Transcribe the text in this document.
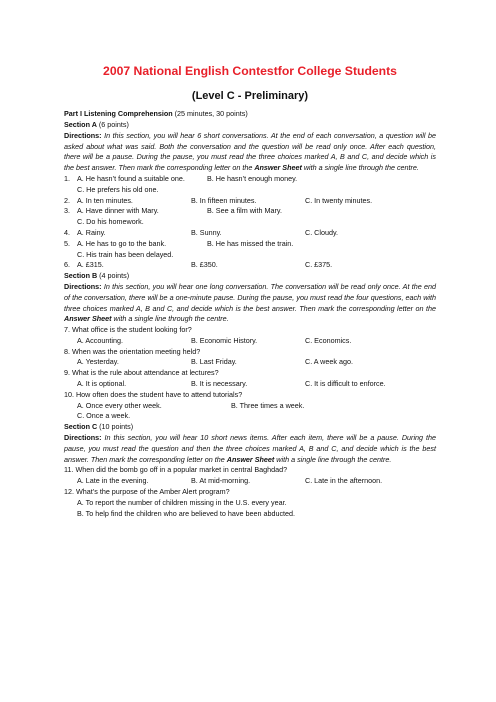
2007 National English Contestfor College Students

(Level C - Preliminary)

Part I Listening Comprehension (25 minutes, 30 points)

Section A (6 points)

Directions: In this section, you will hear 6 short conversations. At the end of each conversation, a question will be asked about what was said. Both the conversation and the question will be read only once. After each question, there will be a pause. During the pause, you must read the three choices marked A, B and C, and decide which is the best answer. Then mark the corresponding letter on the Answer Sheet with a single line through the centre.

1. A. He hasn’t found a suitable one.	B. He hasn’t enough money.
C. He prefers his old one.
2. A. In ten minutes.	B. In fifteen minutes.	C. In twenty minutes.
3. A. Have dinner with Mary.	B. See a film with Mary.
C. Do his homework.
4. A. Rainy.	B. Sunny.	C. Cloudy.
5. A. He has to go to the bank.	B. He has missed the train.
C. His train has been delayed.
6. A. £315.	B. £350.	C. £375.

Section B (4 points)

Directions: In this section, you will hear one long conversation. The conversation will be read only once. At the end of the conversation, there will be a one-minute pause. During the pause, you must read the four questions, each with three choices marked A, B and C, and decide which is the best answer. Then mark the corresponding letter on the Answer Sheet with a single line through the centre.

7. What office is the student looking for?

A. Accounting.	B. Economic History.	C. Economics.

8. When was the orientation meeting held?

A. Yesterday.	B. Last Friday.	C. A week ago.

9. What is the rule about attendance at lectures?

A. It is optional.	B. It is necessary.	C. It is difficult to enforce.

10. How often does the student have to attend tutorials?

A. Once every other week.	B. Three times a week.
C. Once a week.

Section C (10 points)

Directions: In this section, you will hear 10 short news items. After each item, there will be a pause. During the pause, you must read the question and then the three choices marked A, B and C, and decide which is the best answer. Then mark the corresponding letter on the Answer Sheet with a single line through the centre.

11. When did the bomb go off in a popular market in central Baghdad?

A. Late in the evening.	B. At mid-morning.	C. Late in the afternoon.

12. What’s the purpose of the Amber Alert program?

A. To report the number of children missing in the U.S. every year.

B. To help find the children who are believed to have been abducted.
